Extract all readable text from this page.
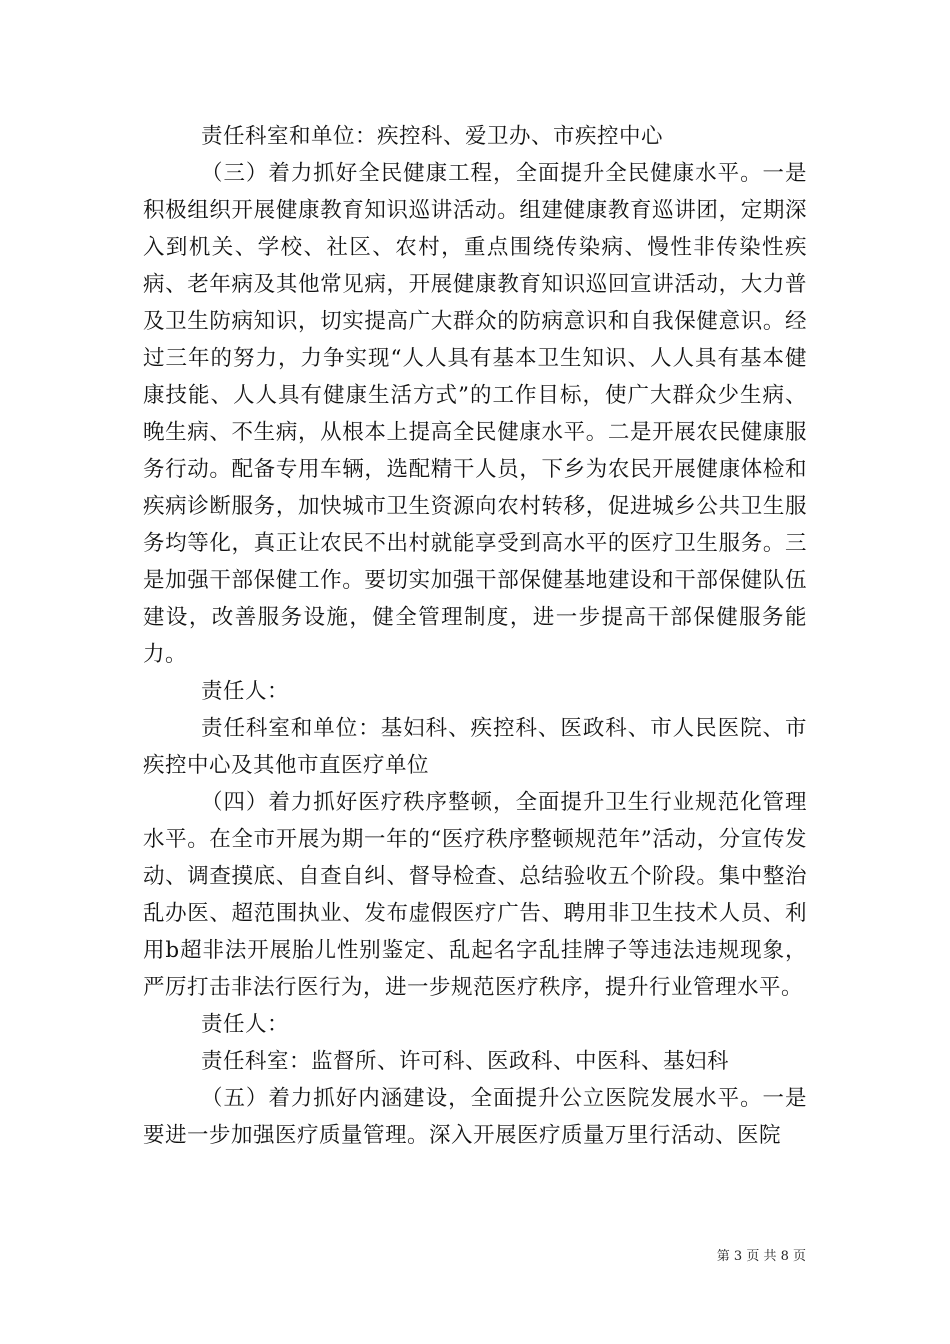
责任科室和单位：疾控科、爱卫办、市疾控中心

（三）着力抓好全民健康工程，全面提升全民健康水平。一是积极组织开展健康教育知识巡讲活动。组建健康教育巡讲团，定期深入到机关、学校、社区、农村，重点围绕传染病、慢性非传染性疾病、老年病及其他常见病，开展健康教育知识巡回宣讲活动，大力普及卫生防病知识，切实提高广大群众的防病意识和自我保健意识。经过三年的努力，力争实现“人人具有基本卫生知识、人人具有基本健康技能、人人具有健康生活方式”的工作目标，使广大群众少生病、晚生病、不生病，从根本上提高全民健康水平。二是开展农民健康服务行动。配备专用车辆，选配精干人员，下乡为农民开展健康体检和疾病诊断服务，加快城市卫生资源向农村转移，促进城乡公共卫生服务均等化，真正让农民不出村就能享受到高水平的医疗卫生服务。三是加强干部保健工作。要切实加强干部保健基地建设和干部保健队伍建设，改善服务设施，健全管理制度，进一步提高干部保健服务能力。

责任人：

责任科室和单位：基妇科、疾控科、医政科、市人民医院、市疾控中心及其他市直医疗单位

（四）着力抓好医疗秩序整顿，全面提升卫生行业规范化管理水平。在全市开展为期一年的“医疗秩序整顿规范年”活动，分宣传发动、调查摸底、自查自纠、督导检查、总结验收五个阶段。集中整治乱办医、超范围执业、发布虚假医疗广告、聘用非卫生技术人员、利用b超非法开展胎儿性别鉴定、乱起名字乱挂牌子等违法违规现象，严厉打击非法行医行为，进一步规范医疗秩序，提升行业管理水平。

责任人：

责任科室：监督所、许可科、医政科、中医科、基妇科

（五）着力抓好内涵建设，全面提升公立医院发展水平。一是要进一步加强医疗质量管理。深入开展医疗质量万里行活动、医院

第 3 页 共 8 页
